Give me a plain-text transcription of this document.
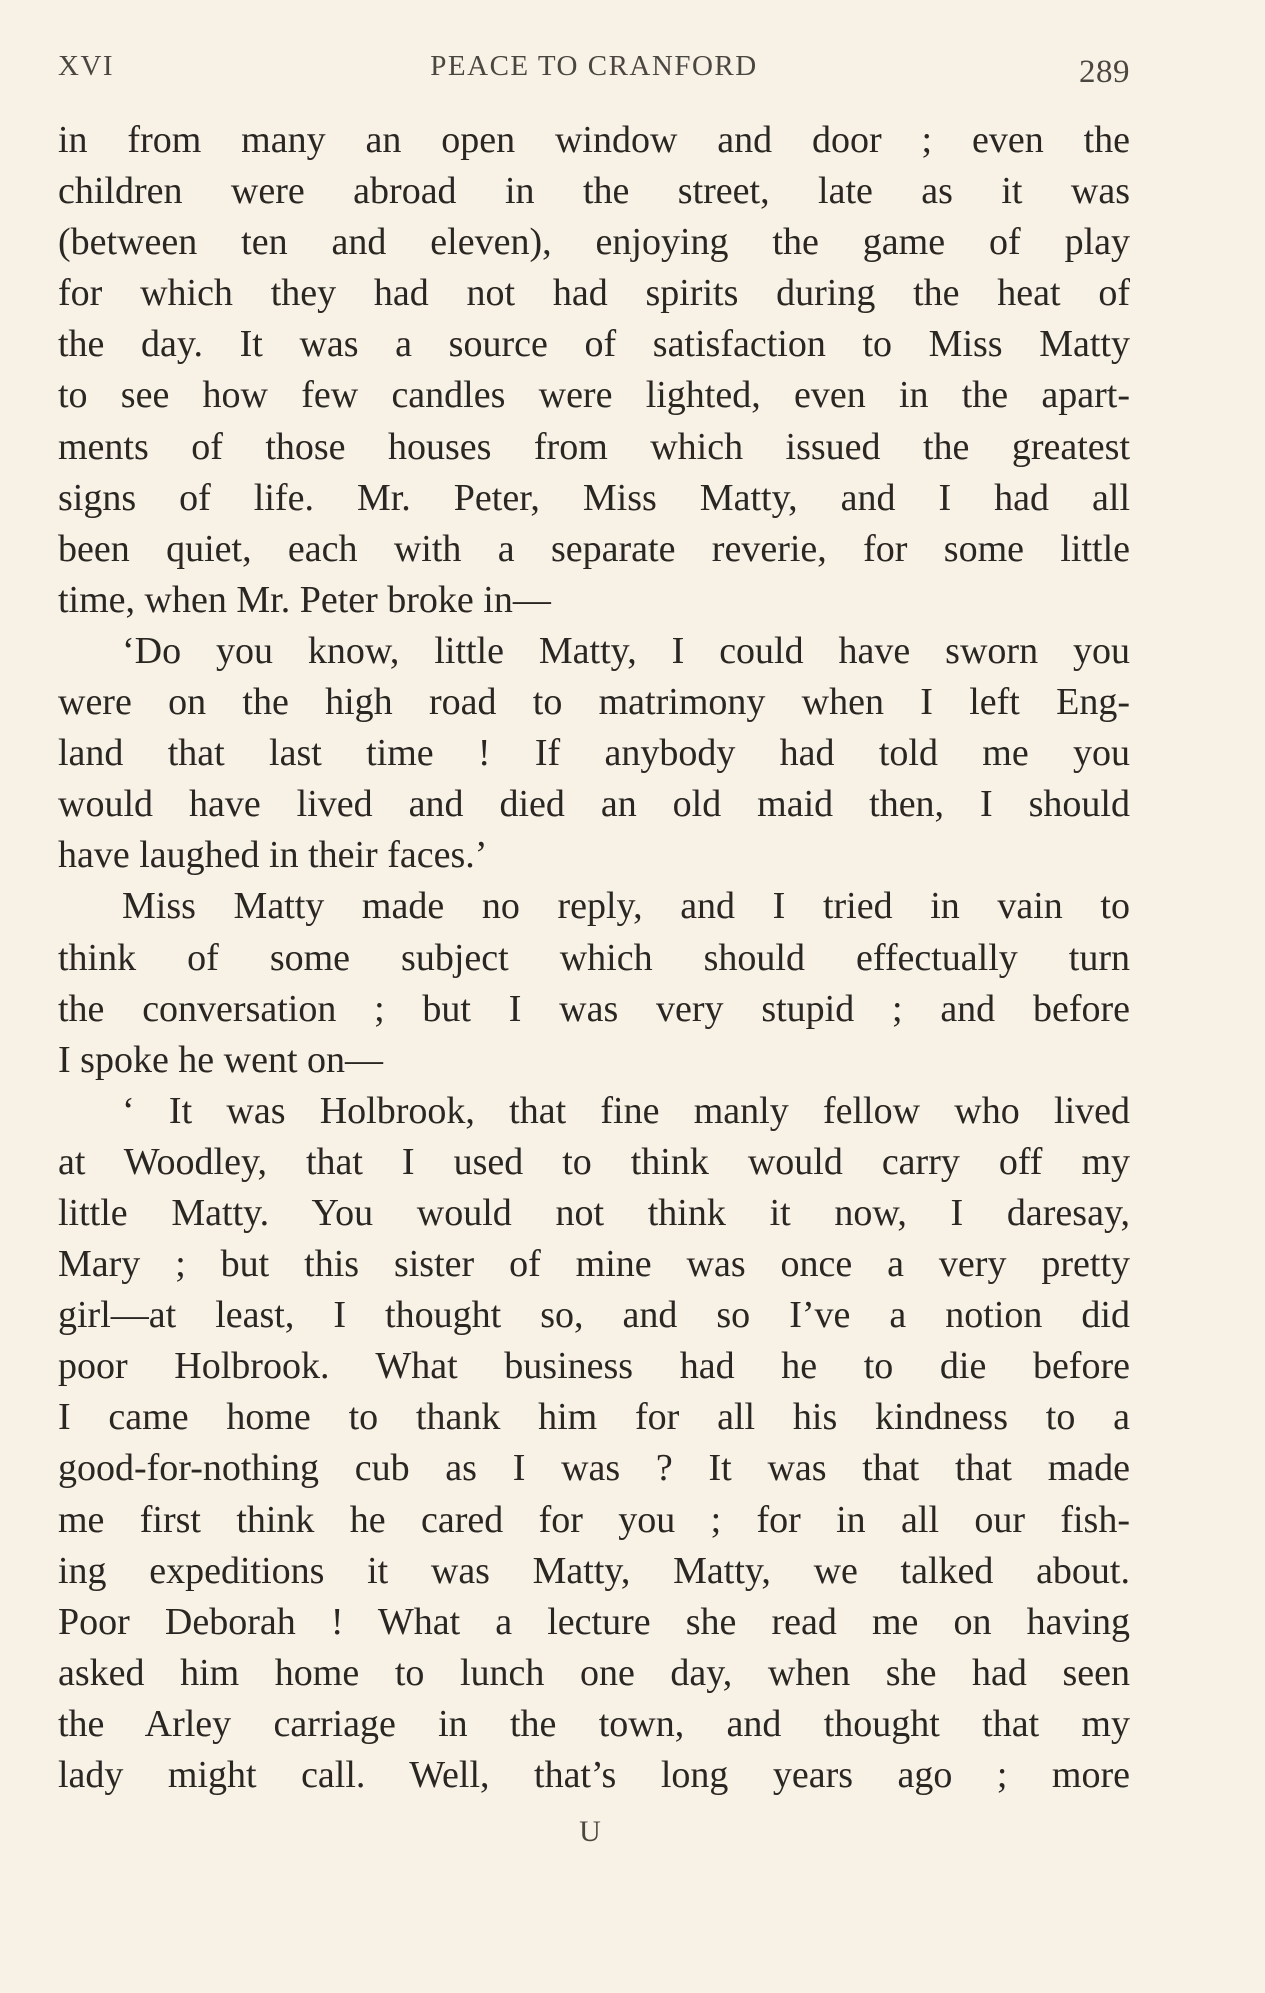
XVI	PEACE TO CRANFORD	289
in from many an open window and door ; even the
children were abroad in the street, late as it was
(between ten and eleven), enjoying the game of play
for which they had not had spirits during the heat of
the day. It was a source of satisfaction to Miss Matty
to see how few candles were lighted, even in the apart-
ments of those houses from which issued the greatest
signs of life. Mr. Peter, Miss Matty, and I had all
been quiet, each with a separate reverie, for some little
time, when Mr. Peter broke in—
‘Do you know, little Matty, I could have sworn you
were on the high road to matrimony when I left Eng-
land that last time ! If anybody had told me you
would have lived and died an old maid then, I should
have laughed in their faces.’
Miss Matty made no reply, and I tried in vain to
think of some subject which should effectually turn
the conversation ; but I was very stupid ; and before
I spoke he went on—
‘ It was Holbrook, that fine manly fellow who lived
at Woodley, that I used to think would carry off my
little Matty. You would not think it now, I daresay,
Mary ; but this sister of mine was once a very pretty
girl—at least, I thought so, and so I’ve a notion did
poor Holbrook. What business had he to die before
I came home to thank him for all his kindness to a
good-for-nothing cub as I was ? It was that that made
me first think he cared for you ; for in all our fish-
ing expeditions it was Matty, Matty, we talked about.
Poor Deborah ! What a lecture she read me on having
asked him home to lunch one day, when she had seen
the Arley carriage in the town, and thought that my
lady might call. Well, that’s long years ago ; more
U
